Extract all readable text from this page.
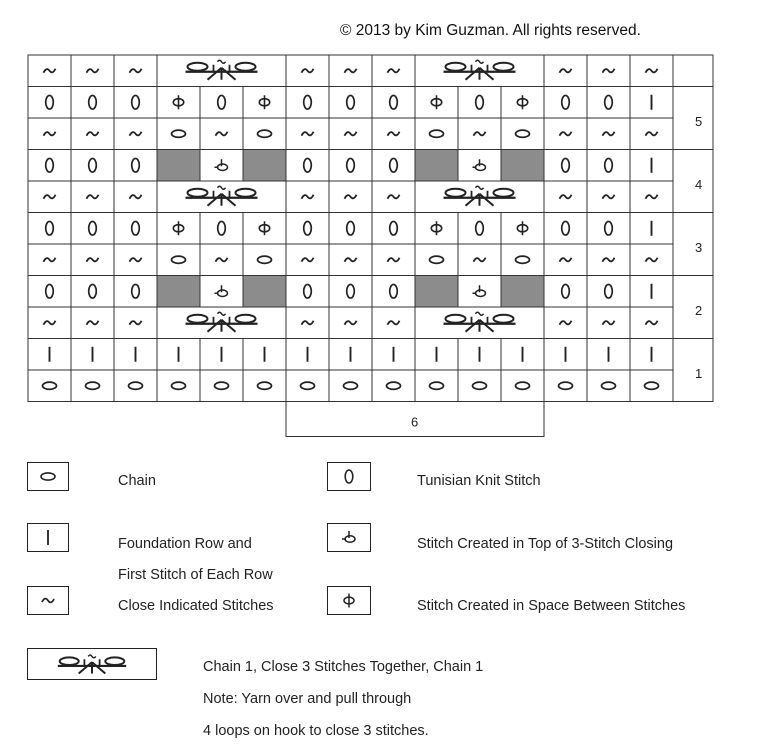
© 2013 by Kim Guzman. All rights reserved.
5
4
3
2
1
6
Chain	Tunisian Knit Stitch
Foundation Row and	Stitch Created in Top of 3-Stitch Closing
First Stitch of Each Row
Close Indicated Stitches	Stitch Created in Space Between Stitches
Chain 1, Close 3 Stitches Together, Chain 1
Note: Yarn over and pull through
4 loops on hook to close 3 stitches.
